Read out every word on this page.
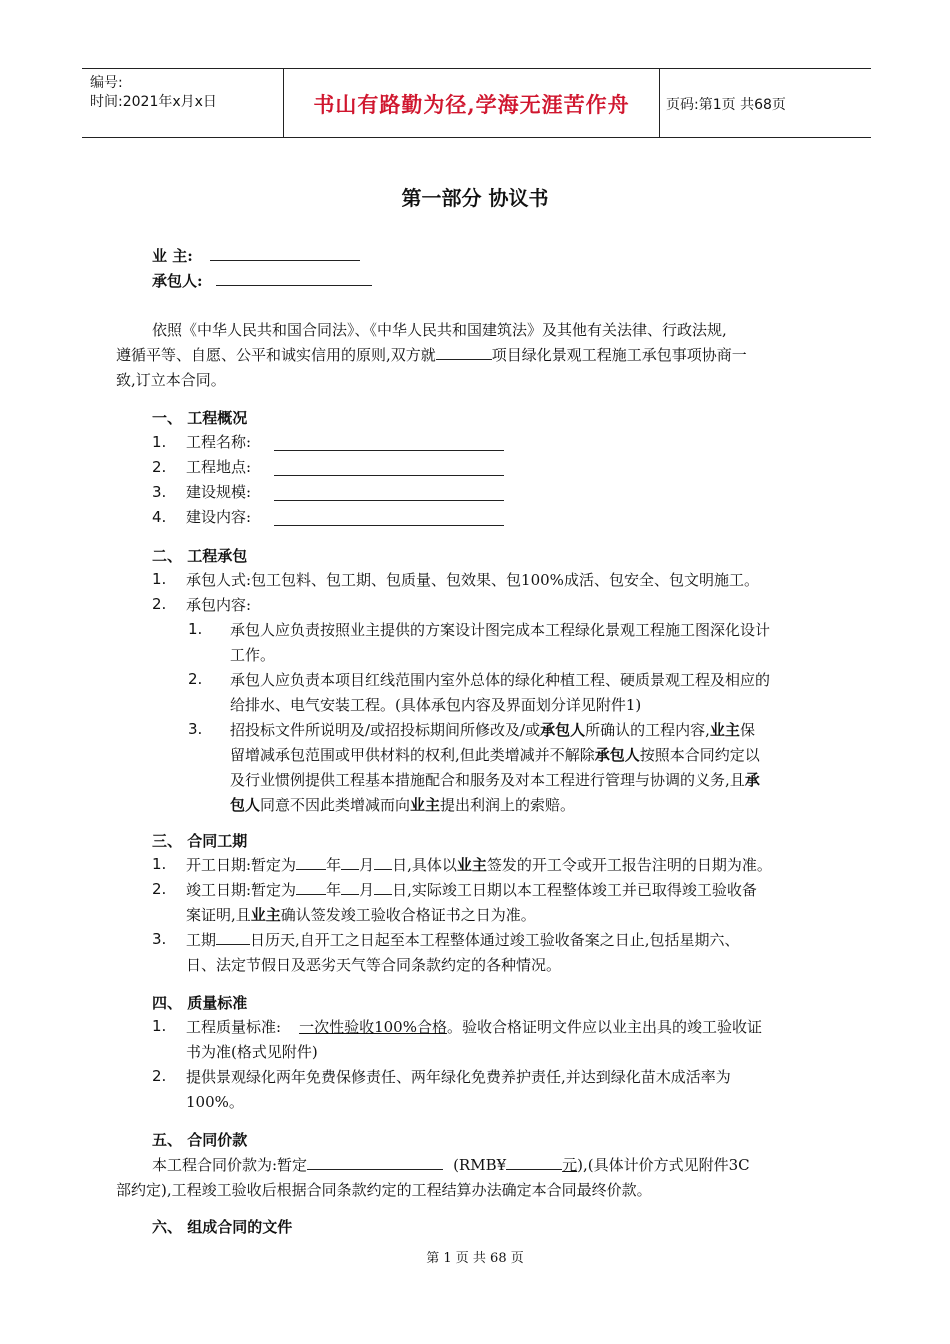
编号:
时间:2021年x月x日	书山有路勤为径,学海无涯苦作舟	页码:第1页 共68页
第一部分 协议书
业 主:
承包人:
依照《中华人民共和国合同法》、《中华人民共和国建筑法》及其他有关法律、行政法规,
遵循平等、自愿、公平和诚实信用的原则,双方就	项目绿化景观工程施工承包事项协商一
致,订立本合同。
一、 工程概况
1. 工程名称:
2. 工程地点:
3. 建设规模:
4. 建设内容:
二、 工程承包
1. 承包人式:包工包料、包工期、包质量、包效果、包100%成活、包安全、包文明施工。
2. 承包内容:
1. 承包人应负责按照业主提供的方案设计图完成本工程绿化景观工程施工图深化设计
工作。
2. 承包人应负责本项目红线范围内室外总体的绿化种植工程、硬质景观工程及相应的
给排水、电气安装工程。(具体承包内容及界面划分详见附件1)
3. 招投标文件所说明及/或招投标期间所修改及/或承包人所确认的工程内容,业主保
留增减承包范围或甲供材料的权利,但此类增减并不解除承包人按照本合同约定以
及行业惯例提供工程基本措施配合和服务及对本工程进行管理与协调的义务,且承
包人同意不因此类增减而向业主提出利润上的索赔。
三、 合同工期
1. 开工日期:暂定为 年 月 日,具体以业主签发的开工令或开工报告注明的日期为准。
2. 竣工日期:暂定为 年 月 日,实际竣工日期以本工程整体竣工并已取得竣工验收备
案证明,且业主确认签发竣工验收合格证书之日为准。
3. 工期 日历天,自开工之日起至本工程整体通过竣工验收备案之日止,包括星期六、
日、法定节假日及恶劣天气等合同条款约定的各种情况。
四、 质量标准
1. 工程质量标准: 一次性验收100%合格。验收合格证明文件应以业主出具的竣工验收证
书为准(格式见附件)
2. 提供景观绿化两年免费保修责任、两年绿化免费养护责任,并达到绿化苗木成活率为
100%。
五、 合同价款
本工程合同价款为:暂定	(RMB¥	元),(具体计价方式见附件3C
部约定),工程竣工验收后根据合同条款约定的工程结算办法确定本合同最终价款。
六、 组成合同的文件
第 1 页 共 68 页
